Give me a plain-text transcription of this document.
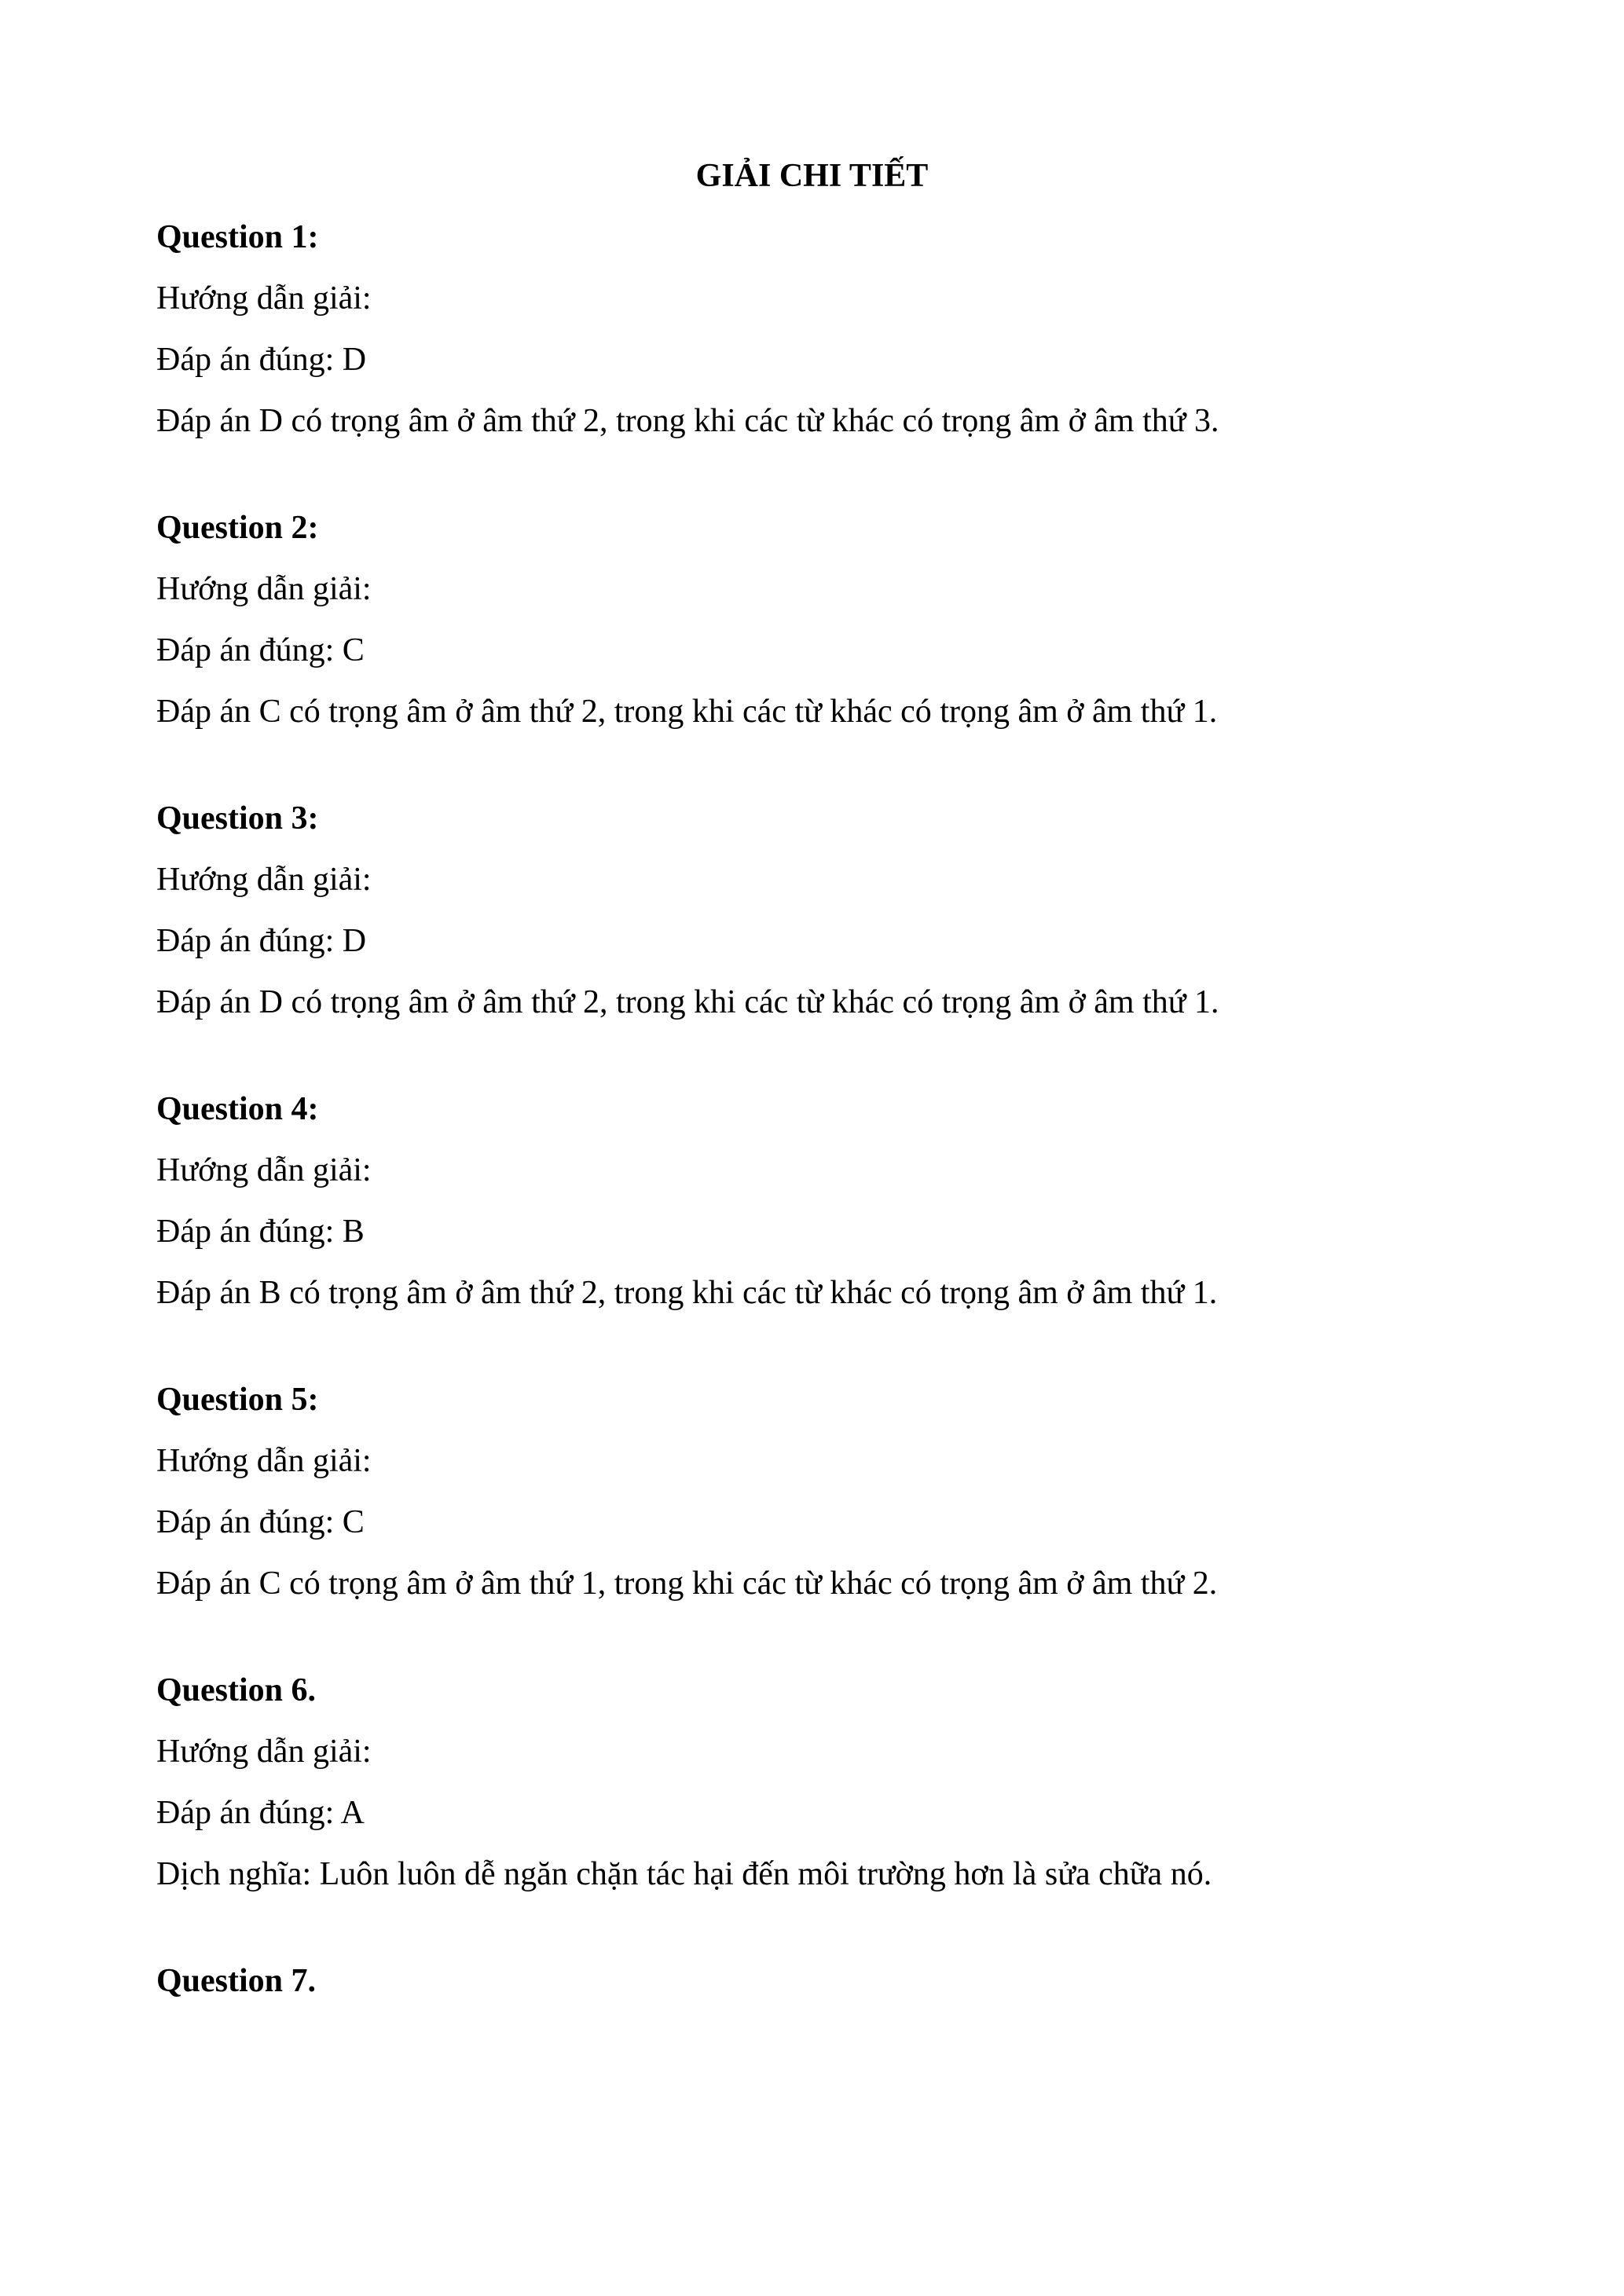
GIẢI CHI TIẾT
Question 1:
Hướng dẫn giải:
Đáp án đúng: D
Đáp án D có trọng âm ở âm thứ 2, trong khi các từ khác có trọng âm ở âm thứ 3.
Question 2:
Hướng dẫn giải:
Đáp án đúng: C
Đáp án C có trọng âm ở âm thứ 2, trong khi các từ khác có trọng âm ở âm thứ 1.
Question 3:
Hướng dẫn giải:
Đáp án đúng: D
Đáp án D có trọng âm ở âm thứ 2, trong khi các từ khác có trọng âm ở âm thứ 1.
Question 4:
Hướng dẫn giải:
Đáp án đúng: B
Đáp án B có trọng âm ở âm thứ 2, trong khi các từ khác có trọng âm ở âm thứ 1.
Question 5:
Hướng dẫn giải:
Đáp án đúng: C
Đáp án C có trọng âm ở âm thứ 1, trong khi các từ khác có trọng âm ở âm thứ 2.
Question 6.
Hướng dẫn giải:
Đáp án đúng: A
Dịch nghĩa: Luôn luôn dễ ngăn chặn tác hại đến môi trường hơn là sửa chữa nó.
Question 7.
